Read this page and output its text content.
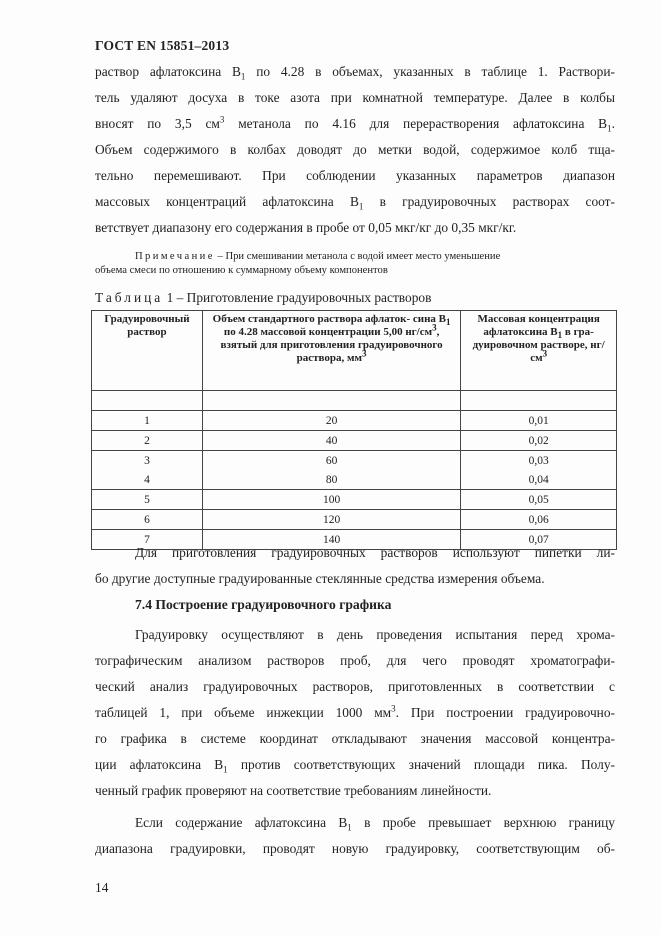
ГОСТ EN 15851–2013
раствор афлатоксина $В_1$ по 4.28 в объемах, указанных в таблице 1. Раствори-
тель удаляют досуха в токе азота при комнатной температуре. Далее в колбы
вносят по 3,5 $см^3$ метанола по 4.16 для перерастворения афлатоксина $В_1$.
Объем содержимого в колбах доводят до метки водой, содержимое колб тща-
тельно перемешивают. При соблюдении указанных параметров диапазон
массовых концентраций афлатоксина $В_1$ в градуировочных растворах соот-
ветствует диапазону его содержания в пробе от 0,05 мкг/кг до 0,35 мкг/кг.
Примечание – При смешивании метанола с водой имеет место уменьшение
объема смеси по отношению к суммарному объему компонентов
Таблица 1 – Приготовление градуировочных растворов
Градуировочный раствор	Объем стандартного раствора афлаток- сина $В_1$ по 4.28 массовой концентрации 5,00 $нг/см^3$, взятый для приготовления градуировочного раствора, $мм^3$	Массовая концентрация афлатоксина $В_1$ в гра- дуировочном растворе, $нг/см^3$

1	20	0,01
2	40	0,02
3	60	0,03
4	80	0,04
5	100	0,05
6	120	0,06
7	140	0,07
Для приготовления градуировочных растворов используют пипетки ли-
бо другие доступные градуированные стеклянные средства измерения объема.
7.4 Построение градуировочного графика
Градуировку осуществляют в день проведения испытания перед хрома-
тографическим анализом растворов проб, для чего проводят хроматографи-
ческий анализ градуировочных растворов, приготовленных в соответствии с
таблицей 1, при объеме инжекции 1000 $мм^3$. При построении градуировочно-
го графика в системе координат откладывают значения массовой концентра-
ции афлатоксина $В_1$ против соответствующих значений площади пика. Полу-
ченный график проверяют на соответствие требованиям линейности.
Если содержание афлатоксина $В_1$ в пробе превышает верхнюю границу
диапазона градуировки, проводят новую градуировку, соответствующим об-
14
